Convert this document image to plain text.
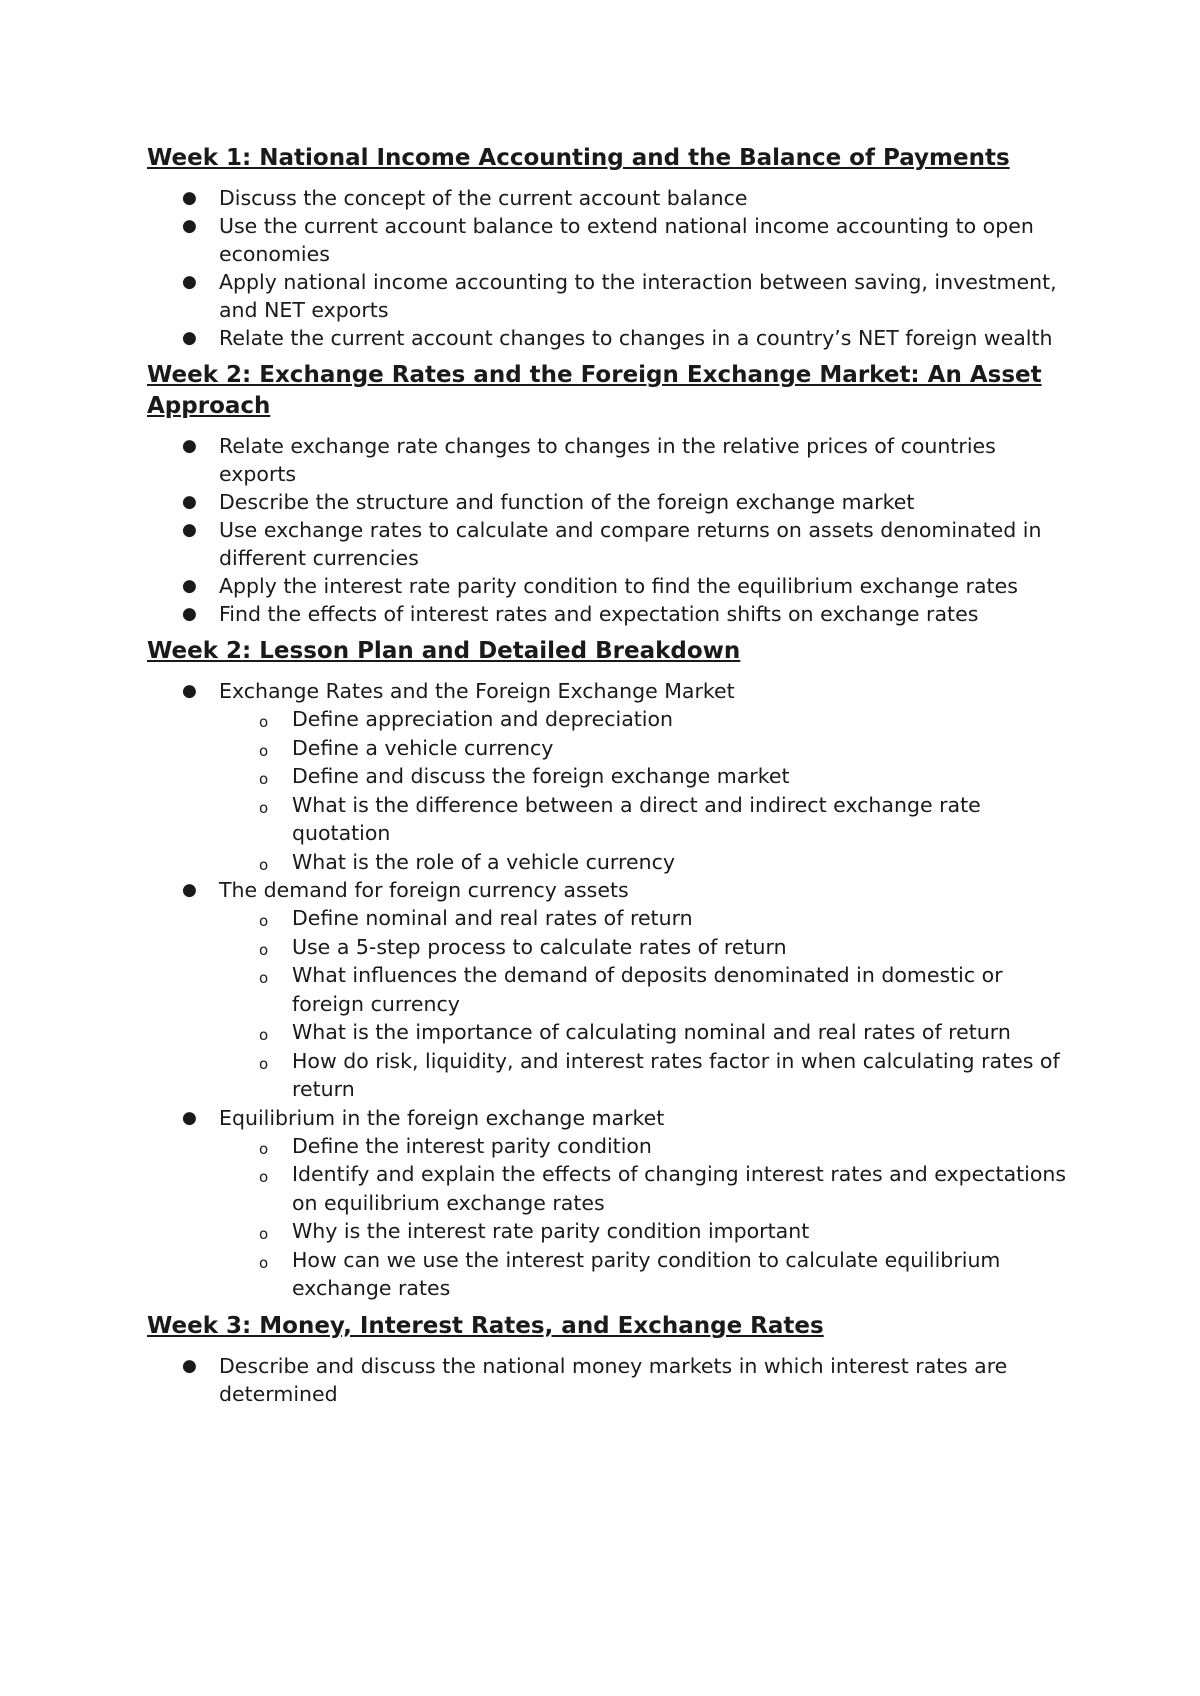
Week 1: National Income Accounting and the Balance of Payments
● Discuss the concept of the current account balance
● Use the current account balance to extend national income accounting to open economies
● Apply national income accounting to the interaction between saving, investment, and NET exports
● Relate the current account changes to changes in a country’s NET foreign wealth
Week 2: Exchange Rates and the Foreign Exchange Market: An Asset Approach
● Relate exchange rate changes to changes in the relative prices of countries exports
● Describe the structure and function of the foreign exchange market
● Use exchange rates to calculate and compare returns on assets denominated in different currencies
● Apply the interest rate parity condition to find the equilibrium exchange rates
● Find the effects of interest rates and expectation shifts on exchange rates
Week 2: Lesson Plan and Detailed Breakdown
● Exchange Rates and the Foreign Exchange Market
o Define appreciation and depreciation
o Define a vehicle currency
o Define and discuss the foreign exchange market
o What is the difference between a direct and indirect exchange rate quotation
o What is the role of a vehicle currency
● The demand for foreign currency assets
o Define nominal and real rates of return
o Use a 5-step process to calculate rates of return
o What influences the demand of deposits denominated in domestic or foreign currency
o What is the importance of calculating nominal and real rates of return
o How do risk, liquidity, and interest rates factor in when calculating rates of return
● Equilibrium in the foreign exchange market
o Define the interest parity condition
o Identify and explain the effects of changing interest rates and expectations on equilibrium exchange rates
o Why is the interest rate parity condition important
o How can we use the interest parity condition to calculate equilibrium exchange rates
Week 3: Money, Interest Rates, and Exchange Rates
● Describe and discuss the national money markets in which interest rates are determined
